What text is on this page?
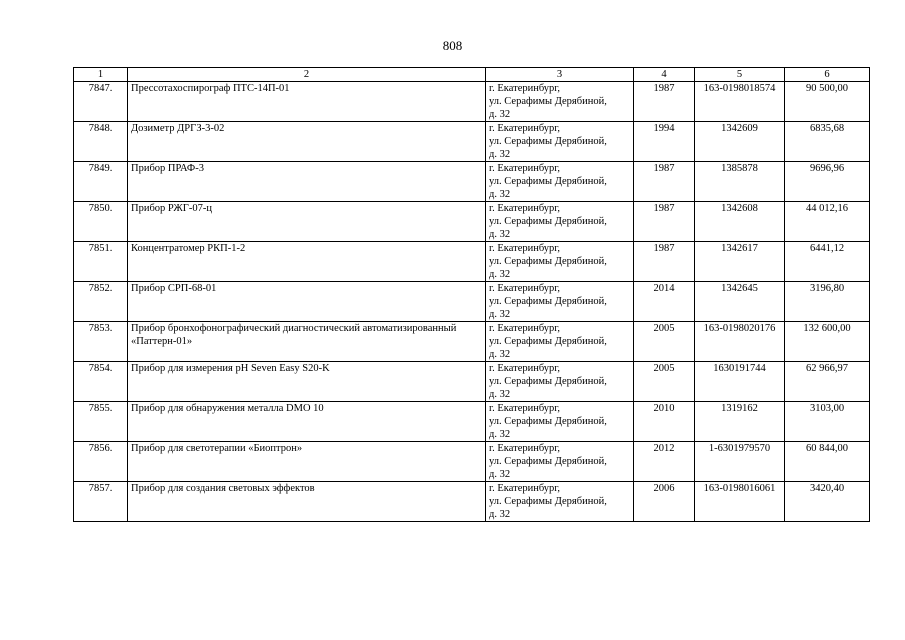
808
1	2	3	4	5	6
7847.	Прессотахоспирограф ПТС-14П-01	г. Екатеринбург,
ул. Серафимы Дерябиной,
д. 32	1987	163-0198018574	90 500,00
7848.	Дозиметр ДРГЗ-3-02	г. Екатеринбург,
ул. Серафимы Дерябиной,
д. 32	1994	1342609	6835,68
7849.	Прибор ПРАФ-3	г. Екатеринбург,
ул. Серафимы Дерябиной,
д. 32	1987	1385878	9696,96
7850.	Прибор РЖГ-07-ц	г. Екатеринбург,
ул. Серафимы Дерябиной,
д. 32	1987	1342608	44 012,16
7851.	Концентратомер РКП-1-2	г. Екатеринбург,
ул. Серафимы Дерябиной,
д. 32	1987	1342617	6441,12
7852.	Прибор СРП-68-01	г. Екатеринбург,
ул. Серафимы Дерябиной,
д. 32	2014	1342645	3196,80
7853.	Прибор бронхофонографический диагностический автоматизированный «Паттерн-01»	г. Екатеринбург,
ул. Серафимы Дерябиной,
д. 32	2005	163-0198020176	132 600,00
7854.	Прибор для измерения pH Seven Easy S20-K	г. Екатеринбург,
ул. Серафимы Дерябиной,
д. 32	2005	1630191744	62 966,97
7855.	Прибор для обнаружения металла DMO 10	г. Екатеринбург,
ул. Серафимы Дерябиной,
д. 32	2010	1319162	3103,00
7856.	Прибор для светотерапии «Биоптрон»	г. Екатеринбург,
ул. Серафимы Дерябиной,
д. 32	2012	1-6301979570	60 844,00
7857.	Прибор для создания световых эффектов	г. Екатеринбург,
ул. Серафимы Дерябиной,
д. 32	2006	163-0198016061	3420,40
